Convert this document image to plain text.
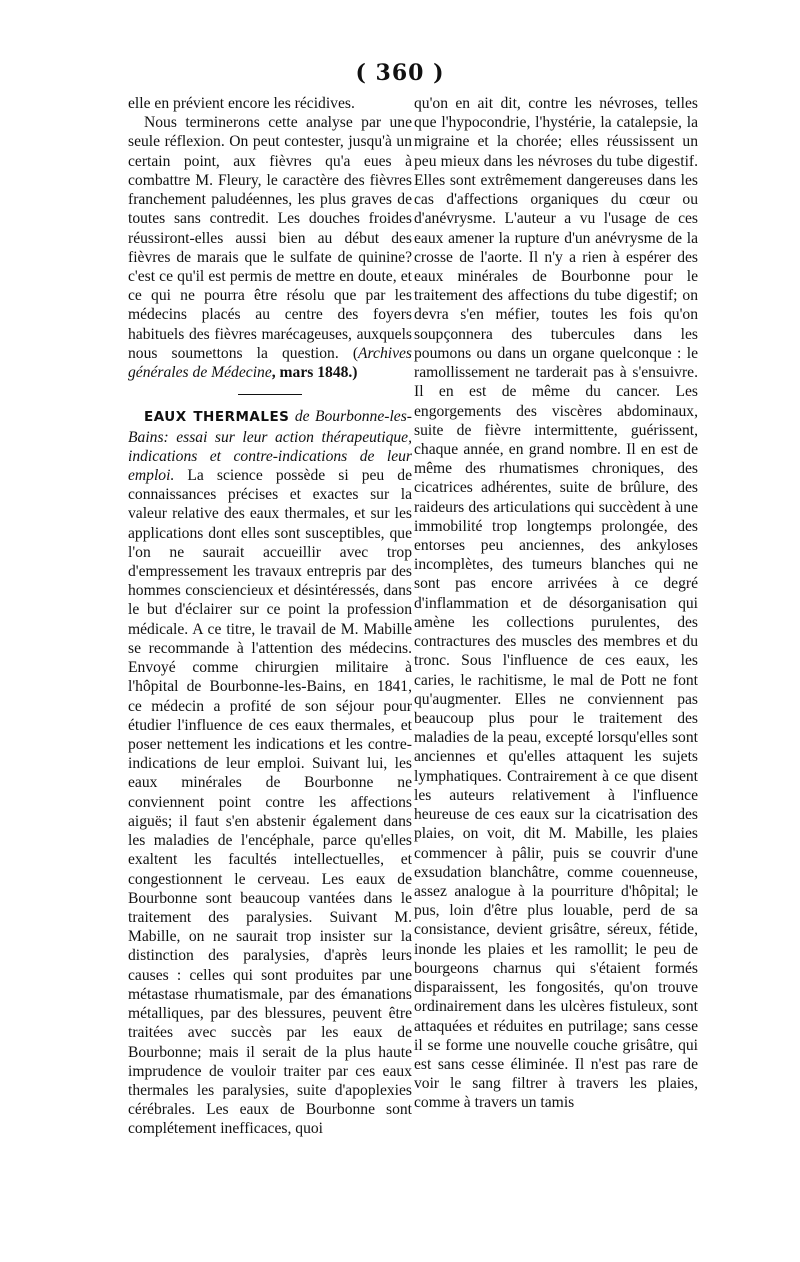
( 360 )

elle en prévient encore les récidives.

Nous terminerons cette analyse par une seule réflexion. On peut contester, jusqu'à un certain point, aux fièvres qu'a eues à combattre M. Fleury, le caractère des fièvres franchement paludéennes, les plus graves de toutes sans contredit. Les douches froides réussiront-elles aussi bien au début des fièvres de marais que le sulfate de quinine? c'est ce qu'il est permis de mettre en doute, et ce qui ne pourra être résolu que par les médecins placés au centre des foyers habituels des fièvres marécageuses, auxquels nous soumettons la question. (Archives générales de Médecine, mars 1848.)

EAUX THERMALES de Bourbonne-les-Bains: essai sur leur action thérapeutique, indications et contre-indications de leur emploi. La science possède si peu de connaissances précises et exactes sur la valeur relative des eaux thermales, et sur les applications dont elles sont susceptibles, que l'on ne saurait accueillir avec trop d'empressement les travaux entrepris par des hommes consciencieux et désintéressés, dans le but d'éclairer sur ce point la profession médicale. A ce titre, le travail de M. Mabille se recommande à l'attention des médecins. Envoyé comme chirurgien militaire à l'hôpital de Bourbonne-les-Bains, en 1841, ce médecin a profité de son séjour pour étudier l'influence de ces eaux thermales, et poser nettement les indications et les contre-indications de leur emploi. Suivant lui, les eaux minérales de Bourbonne ne conviennent point contre les affections aiguës; il faut s'en abstenir également dans les maladies de l'encéphale, parce qu'elles exaltent les facultés intellectuelles, et congestionnent le cerveau. Les eaux de Bourbonne sont beaucoup vantées dans le traitement des paralysies. Suivant M. Mabille, on ne saurait trop insister sur la distinction des paralysies, d'après leurs causes : celles qui sont produites par une métastase rhumatismale, par des émanations métalliques, par des blessures, peuvent être traitées avec succès par les eaux de Bourbonne; mais il serait de la plus haute imprudence de vouloir traiter par ces eaux thermales les paralysies, suite d'apoplexies cérébrales. Les eaux de Bourbonne sont complétement inefficaces, quoi

qu'on en ait dit, contre les névroses, telles que l'hypocondrie, l'hystérie, la catalepsie, la migraine et la chorée; elles réussissent un peu mieux dans les névroses du tube digestif. Elles sont extrêmement dangereuses dans les cas d'affections organiques du cœur ou d'anévrysme. L'auteur a vu l'usage de ces eaux amener la rupture d'un anévrysme de la crosse de l'aorte. Il n'y a rien à espérer des eaux minérales de Bourbonne pour le traitement des affections du tube digestif; on devra s'en méfier, toutes les fois qu'on soupçonnera des tubercules dans les poumons ou dans un organe quelconque : le ramollissement ne tarderait pas à s'ensuivre. Il en est de même du cancer. Les engorgements des viscères abdominaux, suite de fièvre intermittente, guérissent, chaque année, en grand nombre. Il en est de même des rhumatismes chroniques, des cicatrices adhérentes, suite de brûlure, des raideurs des articulations qui succèdent à une immobilité trop longtemps prolongée, des entorses peu anciennes, des ankyloses incomplètes, des tumeurs blanches qui ne sont pas encore arrivées à ce degré d'inflammation et de désorganisation qui amène les collections purulentes, des contractures des muscles des membres et du tronc. Sous l'influence de ces eaux, les caries, le rachitisme, le mal de Pott ne font qu'augmenter. Elles ne conviennent pas beaucoup plus pour le traitement des maladies de la peau, excepté lorsqu'elles sont anciennes et qu'elles attaquent les sujets lymphatiques. Contrairement à ce que disent les auteurs relativement à l'influence heureuse de ces eaux sur la cicatrisation des plaies, on voit, dit M. Mabille, les plaies commencer à pâlir, puis se couvrir d'une exsudation blanchâtre, comme couenneuse, assez analogue à la pourriture d'hôpital; le pus, loin d'être plus louable, perd de sa consistance, devient grisâtre, séreux, fétide, inonde les plaies et les ramollit; le peu de bourgeons charnus qui s'étaient formés disparaissent, les fongosités, qu'on trouve ordinairement dans les ulcères fistuleux, sont attaquées et réduites en putrilage; sans cesse il se forme une nouvelle couche grisâtre, qui est sans cesse éliminée. Il n'est pas rare de voir le sang filtrer à travers les plaies, comme à travers un tamis
